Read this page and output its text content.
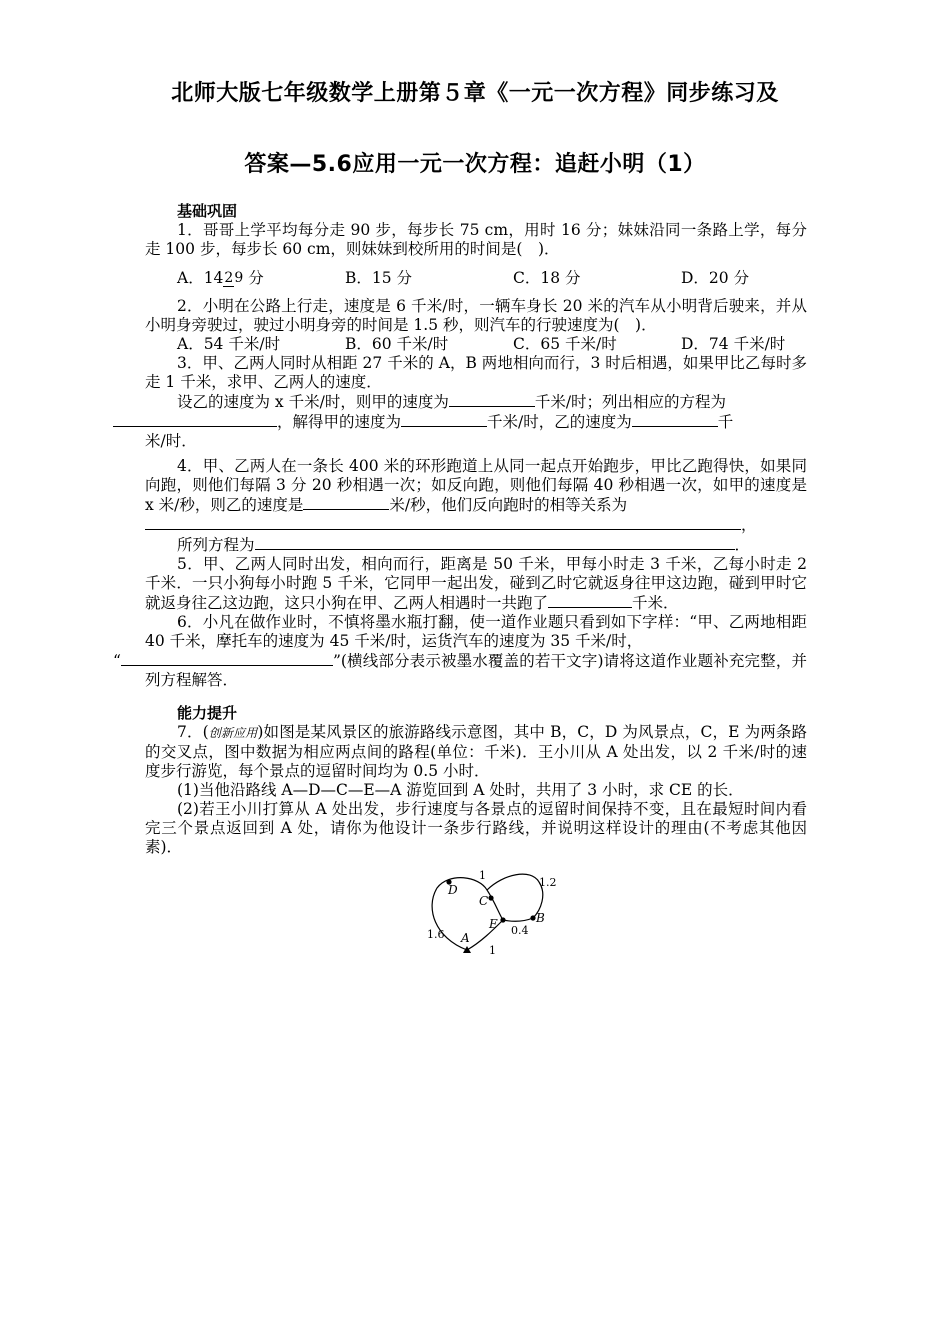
北师大版七年级数学上册第５章《一元一次方程》同步练习及
答案—5.6应用一元一次方程：追赶小明（1）
基础巩固

1．哥哥上学平均每分走 90 步，每步长 75 cm，用时 16 分；妹妹沿同一条路上学，每分走 100 步，每步长 60 cm，则妹妹到校所用的时间是(　)．

A．1429 分	B．15 分	C．18 分	D．20 分

2．小明在公路上行走，速度是 6 千米/时，一辆车身长 20 米的汽车从小明背后驶来，并从小明身旁驶过，驶过小明身旁的时间是 1.5 秒，则汽车的行驶速度为(　)．

A．54 千米/时	B．60 千米/时	C．65 千米/时	D．74 千米/时

3．甲、乙两人同时从相距 27 千米的 A，B 两地相向而行，3 时后相遇，如果甲比乙每时多走 1 千米，求甲、乙两人的速度．

设乙的速度为 x 千米/时，则甲的速度为	千米/时；列出相应的方程为
，解得甲的速度为	千米/时，乙的速度为	千

米/时．

4．甲、乙两人在一条长 400 米的环形跑道上从同一起点开始跑步，甲比乙跑得快，如果同向跑，则他们每隔 3 分 20 秒相遇一次；如反向跑，则他们每隔 40 秒相遇一次，如甲的速度是 x 米/秒，则乙的速度是	米/秒，他们反向跑时的相等关系为

，

所列方程为	．

5．甲、乙两人同时出发，相向而行，距离是 50 千米，甲每小时走 3 千米，乙每小时走 2 千米．一只小狗每小时跑 5 千米，它同甲一起出发，碰到乙时它就返身往甲这边跑，碰到甲时它就返身往乙这边跑，这只小狗在甲、乙两人相遇时一共跑了	千米．

6．小凡在做作业时，不慎将墨水瓶打翻，使一道作业题只看到如下字样：“甲、乙两地相距 40 千米，摩托车的速度为 45 千米/时，运货汽车的速度为 35 千米/时，
“	”(横线部分表示被墨水覆盖的若干文字)请将这道作业题补充完整，并列方程解答．

能力提升

7．(创新应用)如图是某风景区的旅游路线示意图，其中 B，C，D 为风景点，C，E 为两条路的交叉点，图中数据为相应两点间的路程(单位：千米)．王小川从 A 处出发，以 2 千米/时的速度步行游览，每个景点的逗留时间均为 0.5 小时．

(1)当他沿路线 A—D—C—E—A 游览回到 A 处时，共用了 3 小时，求 CE 的长．

(2)若王小川打算从 A 处出发，步行速度与各景点的逗留时间保持不变，且在最短时间内看完三个景点返回到 A 处，请你为他设计一条步行路线，并说明这样设计的理由(不考虑其他因素)．

D
C
E	B
A
1
1.2
0.4
1.6
1
